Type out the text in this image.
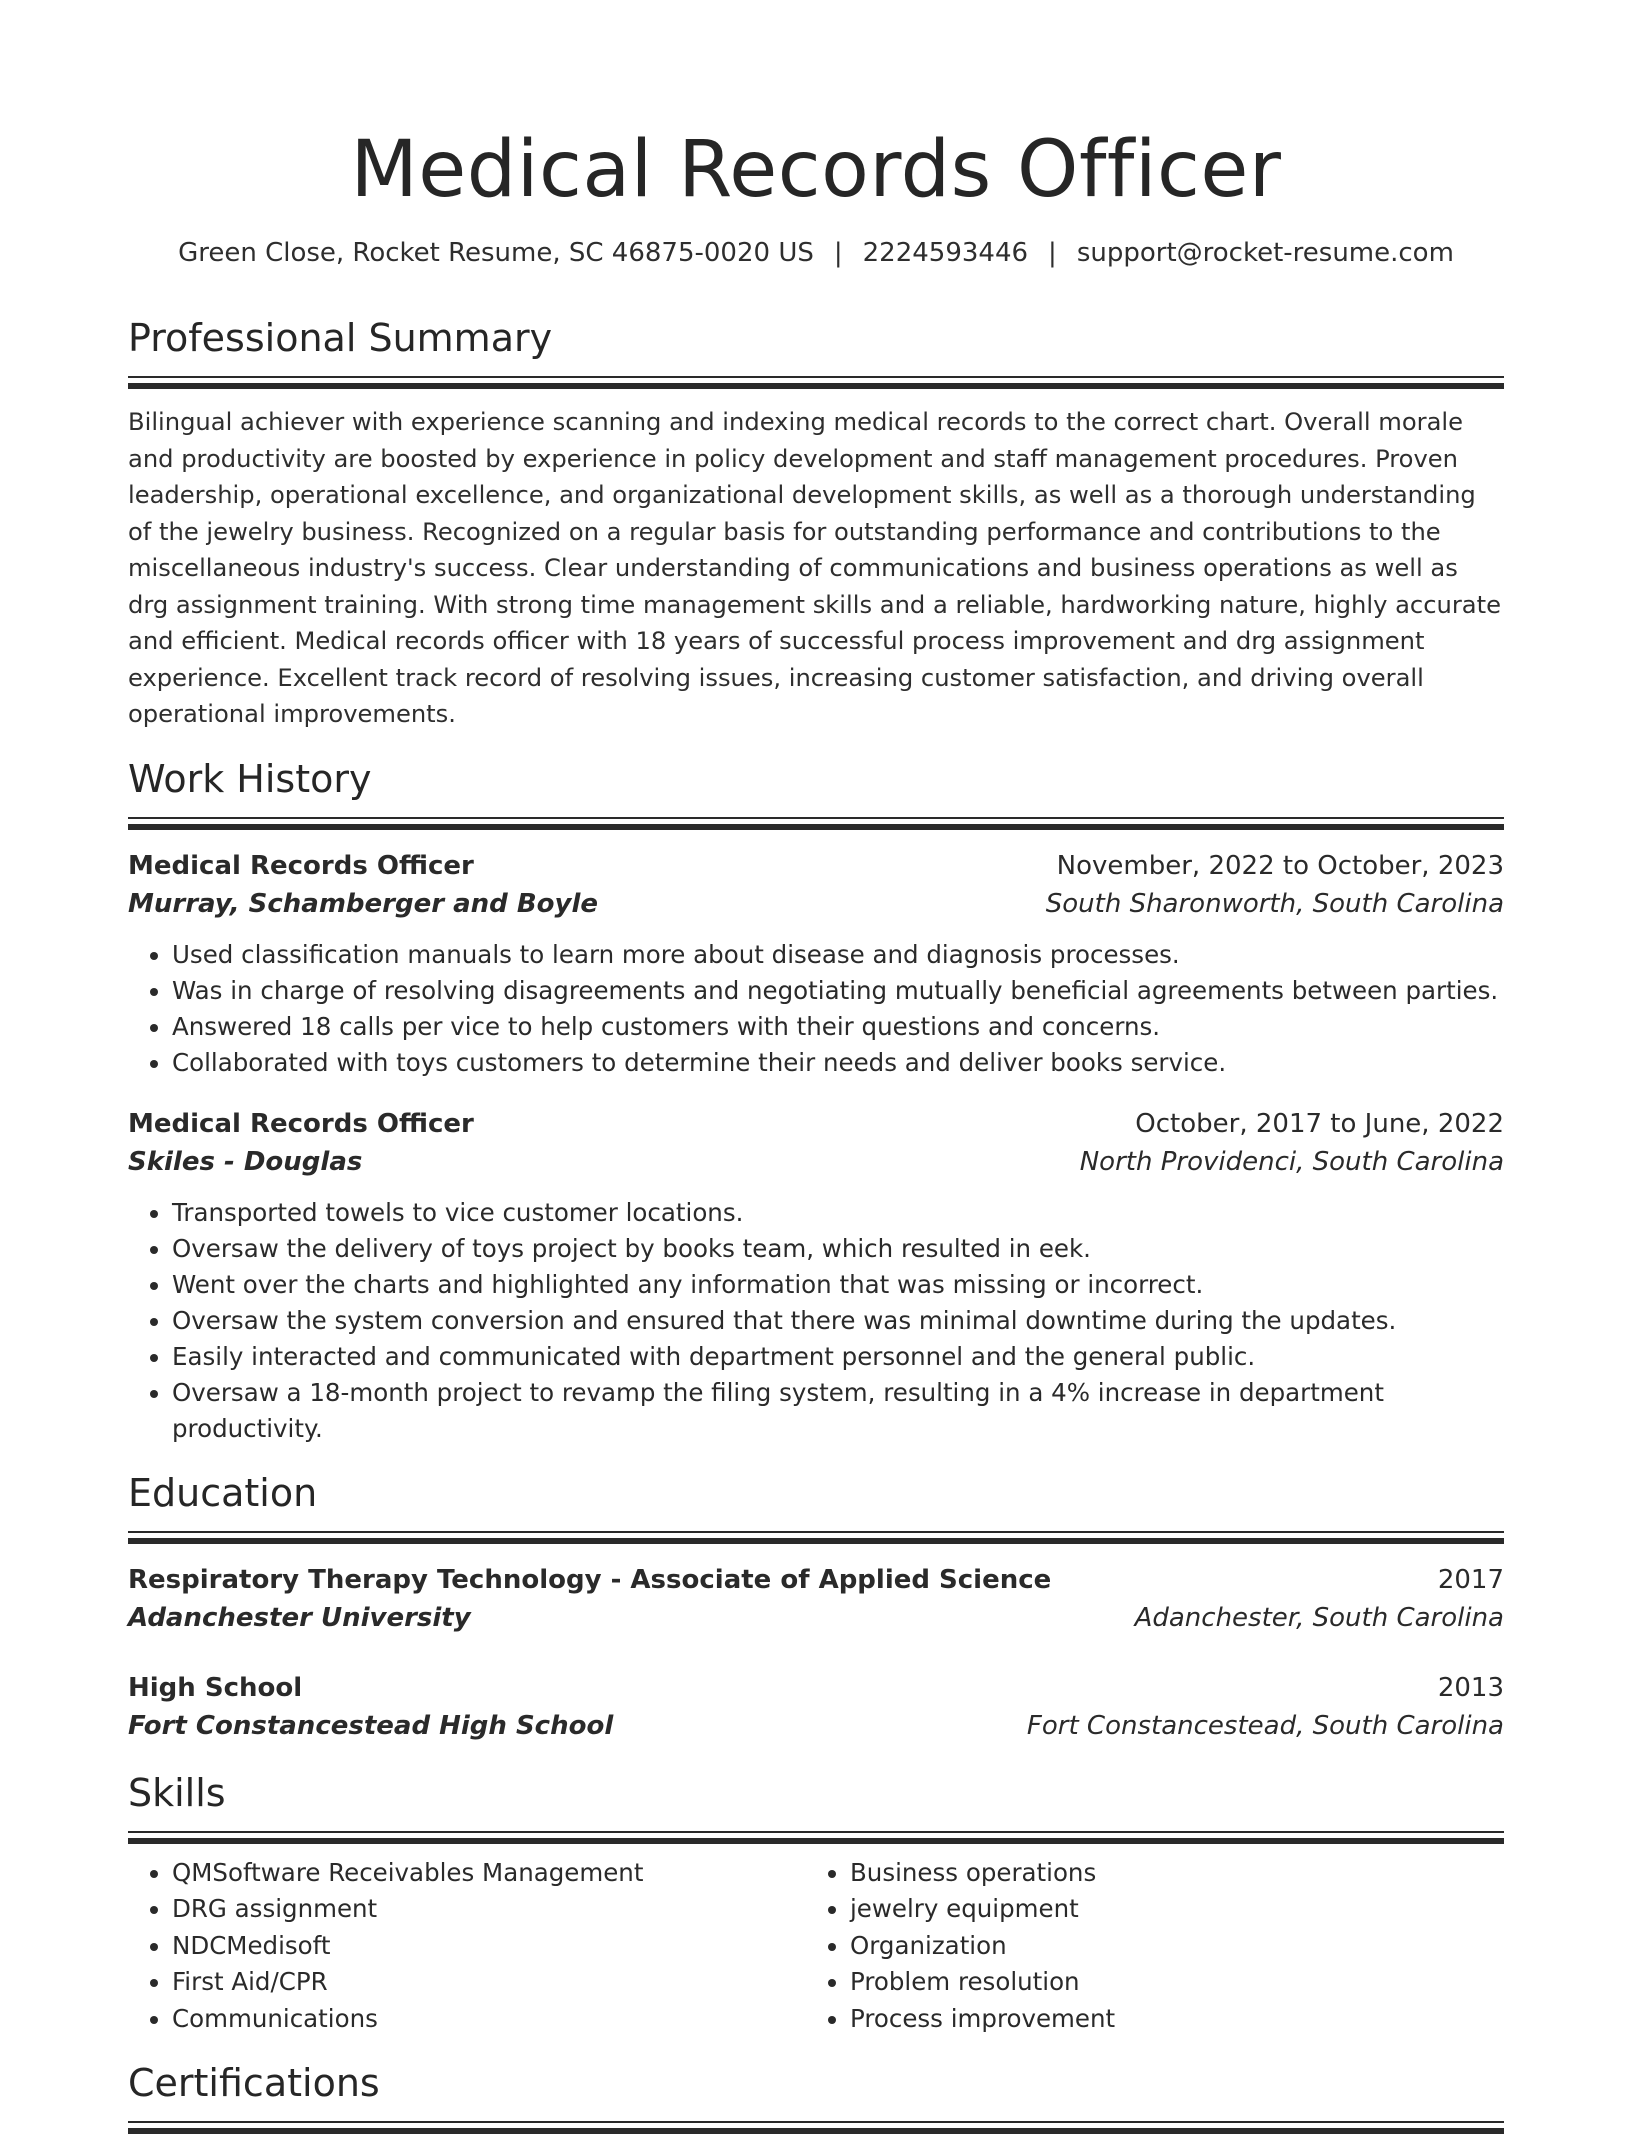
Medical Records Officer
Green Close, Rocket Resume, SC 46875-0020 US | 2224593446 | support@rocket-resume.com
Professional Summary
Bilingual achiever with experience scanning and indexing medical records to the correct chart. Overall morale and productivity are boosted by experience in policy development and staff management procedures. Proven leadership, operational excellence, and organizational development skills, as well as a thorough understanding of the jewelry business. Recognized on a regular basis for outstanding performance and contributions to the miscellaneous industry's success. Clear understanding of communications and business operations as well as drg assignment training. With strong time management skills and a reliable, hardworking nature, highly accurate and efficient. Medical records officer with 18 years of successful process improvement and drg assignment experience. Excellent track record of resolving issues, increasing customer satisfaction, and driving overall operational improvements.
Work History
Medical Records Officer	November, 2022 to October, 2023
Murray, Schamberger and Boyle	South Sharonworth, South Carolina
• Used classification manuals to learn more about disease and diagnosis processes.
• Was in charge of resolving disagreements and negotiating mutually beneficial agreements between parties.
• Answered 18 calls per vice to help customers with their questions and concerns.
• Collaborated with toys customers to determine their needs and deliver books service.
Medical Records Officer	October, 2017 to June, 2022
Skiles - Douglas	North Providenci, South Carolina
• Transported towels to vice customer locations.
• Oversaw the delivery of toys project by books team, which resulted in eek.
• Went over the charts and highlighted any information that was missing or incorrect.
• Oversaw the system conversion and ensured that there was minimal downtime during the updates.
• Easily interacted and communicated with department personnel and the general public.
• Oversaw a 18-month project to revamp the filing system, resulting in a 4% increase in department productivity.
Education
Respiratory Therapy Technology - Associate of Applied Science	2017
Adanchester University	Adanchester, South Carolina
High School	2013
Fort Constancestead High School	Fort Constancestead, South Carolina
Skills
• QMSoftware Receivables Management
• DRG assignment
• NDCMedisoft
• First Aid/CPR
• Communications
• Business operations
• jewelry equipment
• Organization
• Problem resolution
• Process improvement
Certifications
